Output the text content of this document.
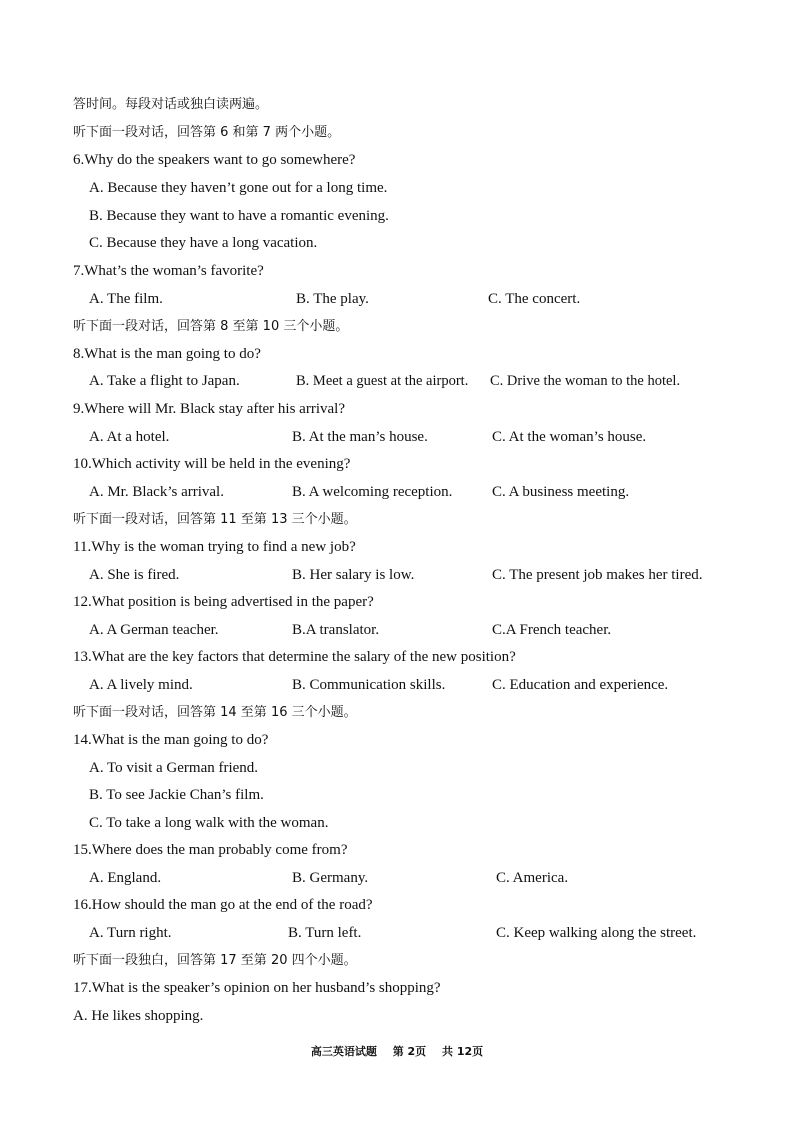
答时间。每段对话或独白读两遍。
听下面一段对话，回答第 6 和第 7 两个小题。
6.Why do the speakers want to go somewhere?
A. Because they haven’t gone out for a long time.
B. Because they want to have a romantic evening.
C. Because they have a long vacation.
7.What’s the woman’s favorite?
A. The film.	B. The play.	C. The concert.
听下面一段对话，回答第 8 至第 10 三个小题。
8.What is the man going to do?
A. Take a flight to Japan.	B. Meet a guest at the airport. C. Drive the woman to the hotel.
9.Where will Mr. Black stay after his arrival?
A. At a hotel.	B. At the man’s house.	C. At the woman’s house.
10.Which activity will be held in the evening?
A. Mr. Black’s arrival.	B. A welcoming reception.	C. A business meeting.
听下面一段对话，回答第 11 至第 13 三个小题。
11.Why is the woman trying to find a new job?
A. She is fired.	B. Her salary is low.	C. The present job makes her tired.
12.What position is being advertised in the paper?
A. A German teacher.	B.A translator.	C.A French teacher.
13.What are the key factors that determine the salary of the new position?
A. A lively mind.	B. Communication skills.	C. Education and experience.
听下面一段对话，回答第 14 至第 16 三个小题。
14.What is the man going to do?
A. To visit a German friend.
B. To see Jackie Chan’s film.
C. To take a long walk with the woman.
15.Where does the man probably come from?
A. England.	B. Germany.	C. America.
16.How should the man go at the end of the road?
A. Turn right.	B. Turn left.	C. Keep walking along the street.
听下面一段独白，回答第 17 至第 20 四个小题。
17.What is the speaker’s opinion on her husband’s shopping?
A. He likes shopping.
高三英语试题 第 2页 共 12页
